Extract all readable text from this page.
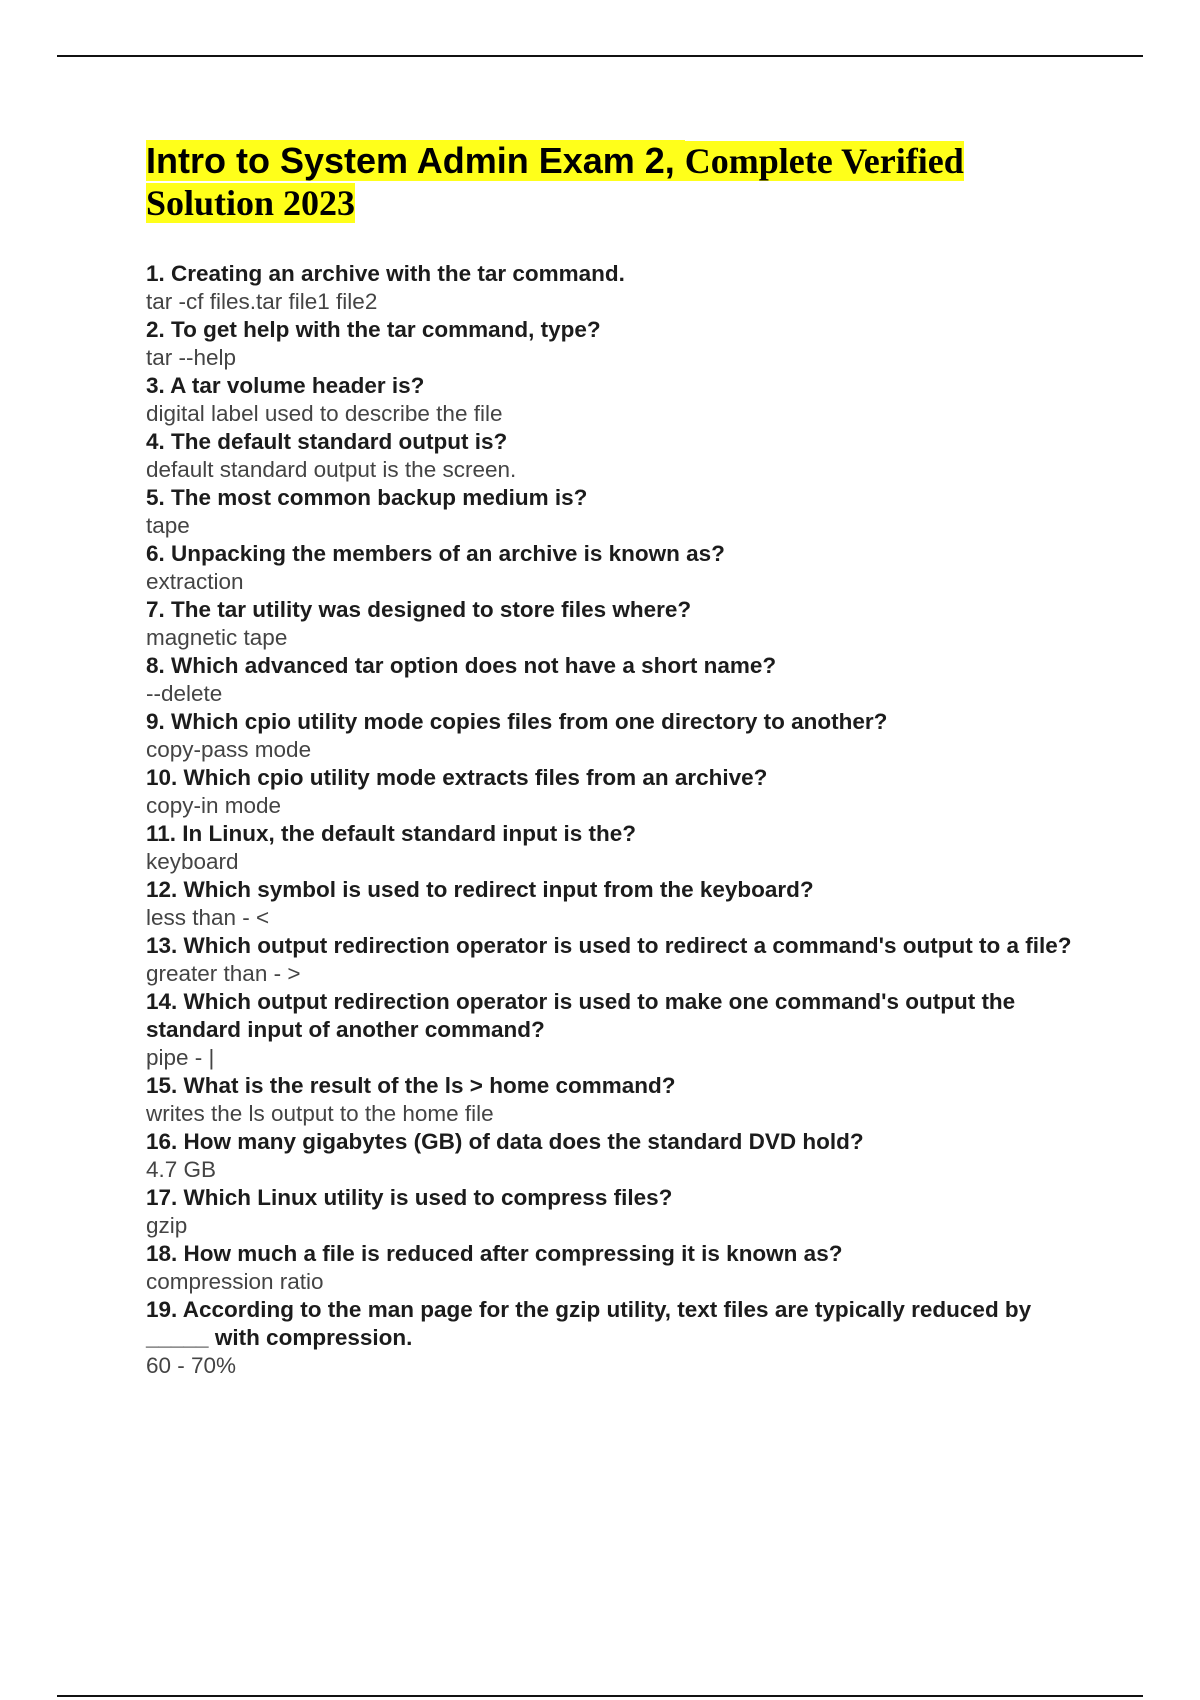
Intro to System Admin Exam 2, Complete Verified Solution 2023
1. Creating an archive with the tar command.
tar -cf files.tar file1 file2
2. To get help with the tar command, type?
tar --help
3. A tar volume header is?
digital label used to describe the file
4. The default standard output is?
default standard output is the screen.
5. The most common backup medium is?
tape
6. Unpacking the members of an archive is known as?
extraction
7. The tar utility was designed to store files where?
magnetic tape
8. Which advanced tar option does not have a short name?
--delete
9. Which cpio utility mode copies files from one directory to another?
copy-pass mode
10. Which cpio utility mode extracts files from an archive?
copy-in mode
11. In Linux, the default standard input is the?
keyboard
12. Which symbol is used to redirect input from the keyboard?
less than - <
13. Which output redirection operator is used to redirect a command's output to a file?
greater than - >
14. Which output redirection operator is used to make one command's output the standard input of another command?
pipe - |
15. What is the result of the ls > home command?
writes the ls output to the home file
16. How many gigabytes (GB) of data does the standard DVD hold?
4.7 GB
17. Which Linux utility is used to compress files?
gzip
18. How much a file is reduced after compressing it is known as?
compression ratio
19. According to the man page for the gzip utility, text files are typically reduced by _____ with compression.
60 - 70%
